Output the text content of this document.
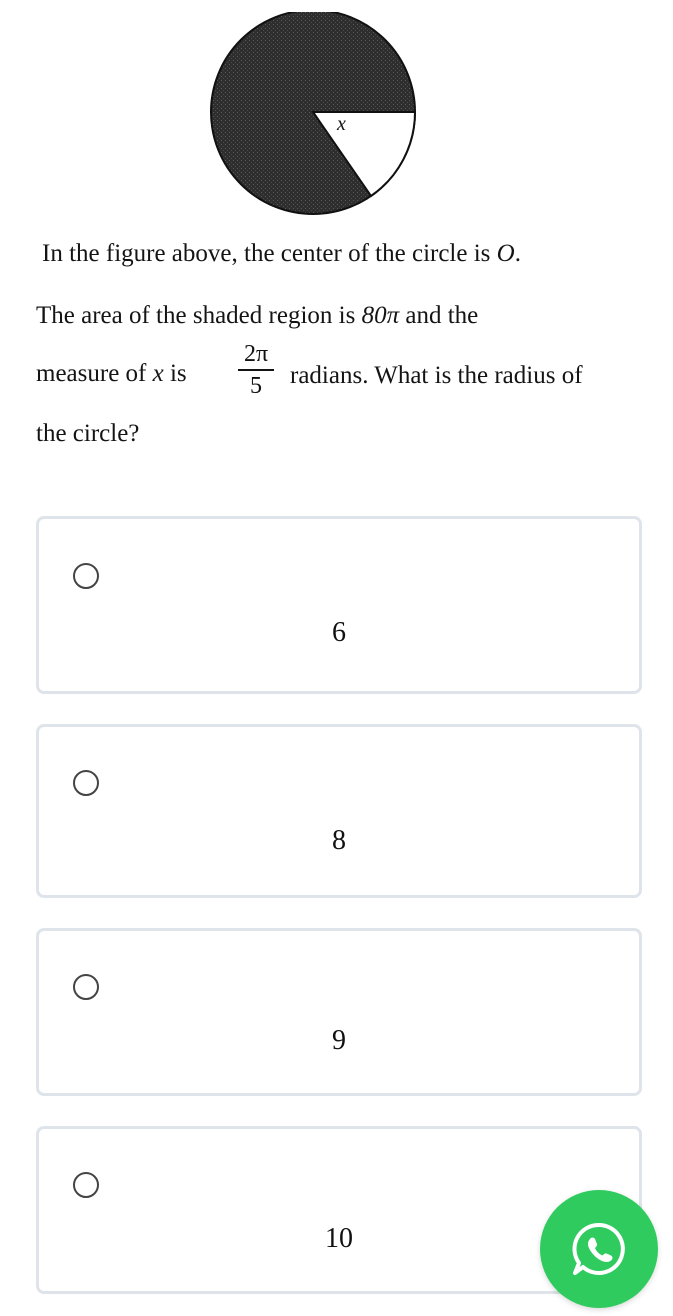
x
In the figure above, the center of the circle is O.
The area of the shaded region is 80π and the
measure of x is
2π
5	radians. What is the radius of
the circle?
6
8
9
10
